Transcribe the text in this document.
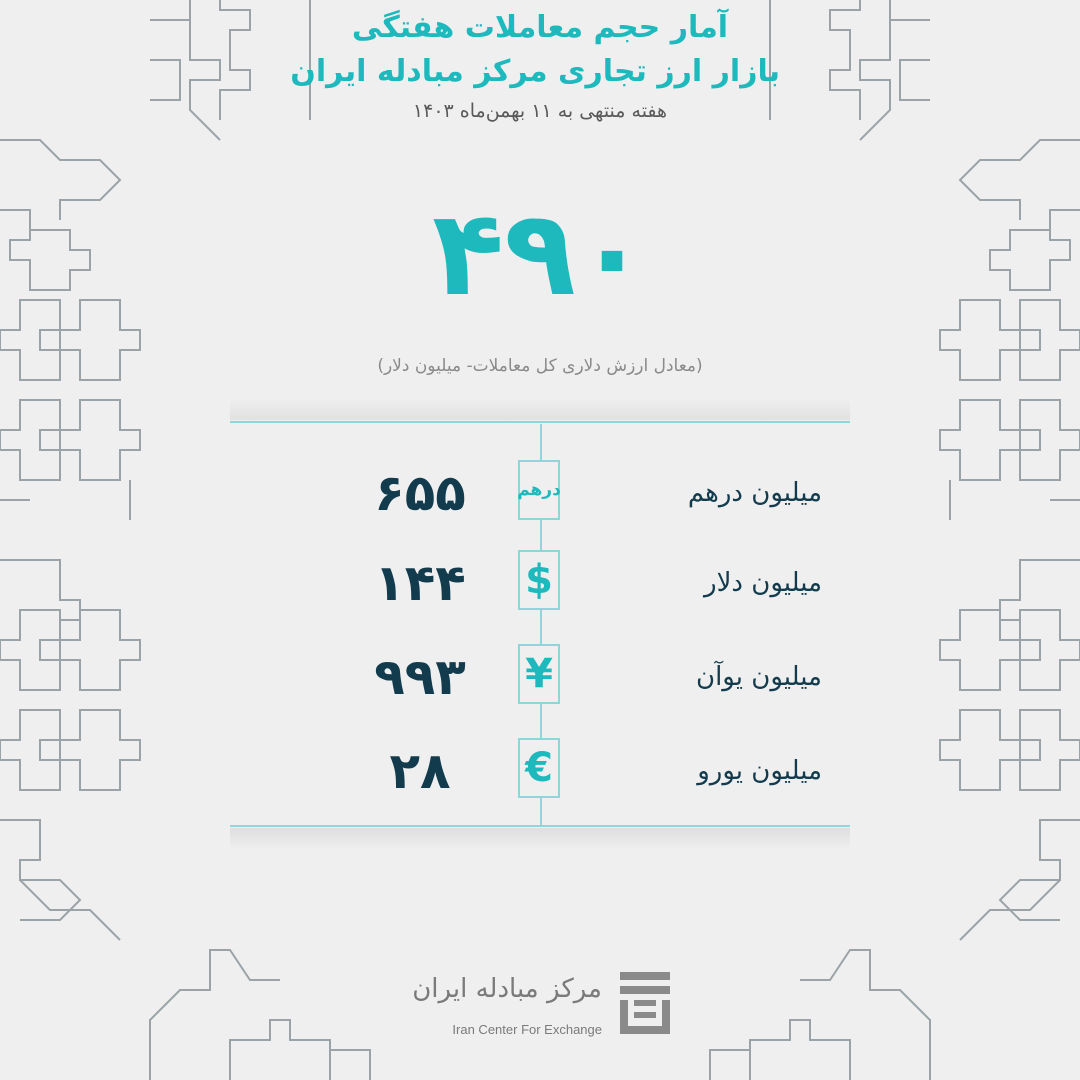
آمار حجم معاملات هفتگی
بازار ارز تجاری مرکز مبادله ایران
هفته منتهی به ۱۱ بهمن‌ماه ۱۴۰۳
۴۹۰
(معادل ارزش دلاری کل معاملات- میلیون دلار)
۶۵۵	درهم	میلیون درهم
۱۴۴	$	میلیون دلار
۹۹۳	¥	میلیون یوآن
۲۸	€	میلیون یورو
مرکز مبادله ایران
Iran Center For Exchange
